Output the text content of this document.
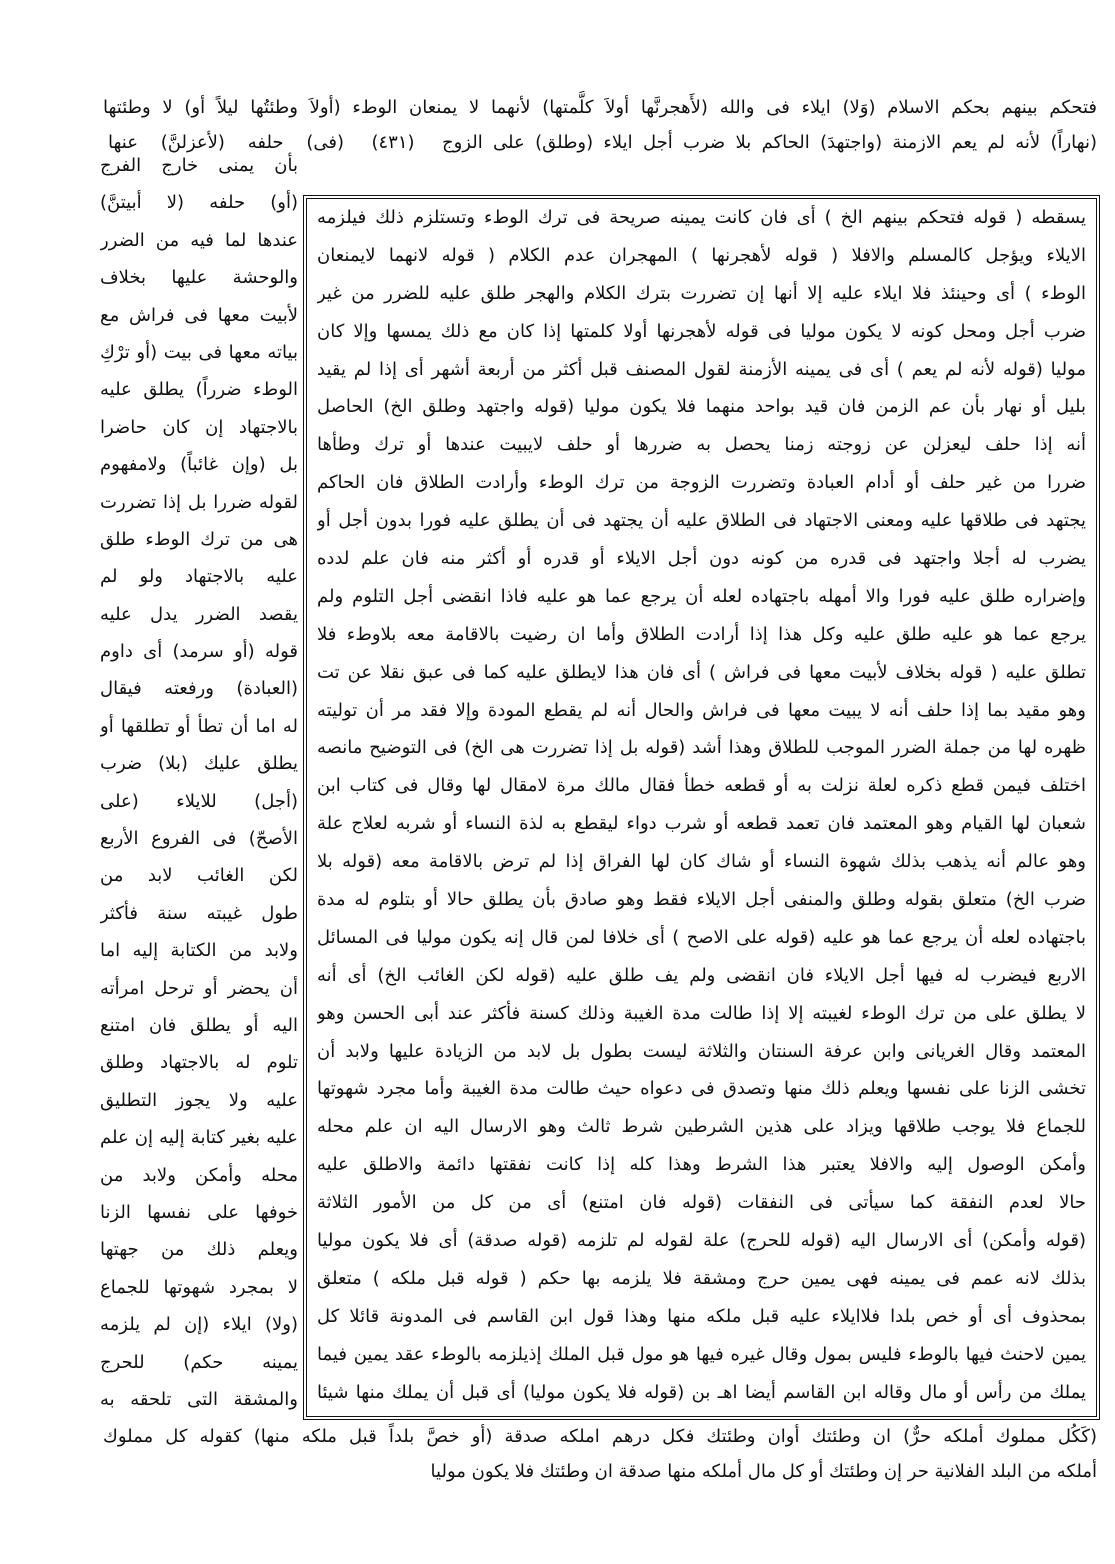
فتحكم بينهم بحكم الاسلام (وَلا) ايلاء فى والله (لأَهجرنَّها أولاَ كلَّمتها) لأنهما لا يمنعان الوطء (أولاَ وطئتُها ليلاً أو) لا وطئتها
(نهاراً) لأنه لم يعم الازمنة (واجتهدَ) الحاكم بلا ضرب أجل ايلاء (وطلق) على الزوج
(٤٣١)
(فى) حلفه (لأعزلنَّ) عنها
بأن يمنى خارج الفرج
(أو) حلفه (لا أبيتنَّ)
عندها لما فيه من الضرر
والوحشة عليها بخلاف
لأبيت معها فى فراش مع
بياته معها فى بيت (أو ترْكِ
الوطء ضرراً) يطلق عليه
بالاجتهاد إن كان حاضرا
بل (وإن غائباً) ولامفهوم
لقوله ضررا بل إذا تضررت
هى من ترك الوطء طلق
عليه بالاجتهاد ولو لم
يقصد الضرر يدل عليه
قوله (أو سرمد) أى داوم
(العبادة) ورفعته فيقال
له اما أن تطأ أو تطلقها أو
يطلق عليك (بلا) ضرب
(أجل) للايلاء (على
الأصحّ) فى الفروع الأربع
لكن الغائب لابد من
طول غيبته سنة فأكثر
ولابد من الكتابة إليه اما
أن يحضر أو ترحل امرأته
اليه أو يطلق فان امتنع
تلوم له بالاجتهاد وطلق
عليه ولا يجوز التطليق
عليه بغير كتابة إليه إن علم
محله وأمكن ولابد من
خوفها على نفسها الزنا
ويعلم ذلك من جهتها
لا بمجرد شهوتها للجماع
(ولا) ايلاء (إن لم يلزمه
يمينه حكم) للحرج
والمشقة التى تلحقه به
يسقطه ( قوله فتحكم بينهم الخ ) أى فان كانت يمينه صريحة فى ترك الوطء وتستلزم ذلك فيلزمه
الايلاء ويؤجل كالمسلم والافلا ( قوله لأهجرنها ) المهجران عدم الكلام ( قوله لانهما لايمنعان
الوطء ) أى وحينئذ فلا ايلاء عليه إلا أنها إن تضررت بترك الكلام والهجر طلق عليه للضرر من غير
ضرب أجل ومحل كونه لا يكون موليا فى قوله لأهجرنها أولا كلمتها إذا كان مع ذلك يمسها وإلا كان
موليا (قوله لأنه لم يعم ) أى فى يمينه الأزمنة لقول المصنف قبل أكثر من أربعة أشهر أى إذا لم يقيد
بليل أو نهار بأن عم الزمن فان قيد بواحد منهما فلا يكون موليا (قوله واجتهد وطلق الخ) الحاصل
أنه إذا حلف ليعزلن عن زوجته زمنا يحصل به ضررها أو حلف لايبيت عندها أو ترك وطأها
ضررا من غير حلف أو أدام العبادة وتضررت الزوجة من ترك الوطء وأرادت الطلاق فان الحاكم
يجتهد فى طلاقها عليه ومعنى الاجتهاد فى الطلاق عليه أن يجتهد فى أن يطلق عليه فورا بدون أجل أو
يضرب له أجلا واجتهد فى قدره من كونه دون أجل الايلاء أو قدره أو أكثر منه فان علم لدده
وإضراره طلق عليه فورا والا أمهله باجتهاده لعله أن يرجع عما هو عليه فاذا انقضى أجل التلوم ولم
يرجع عما هو عليه طلق عليه وكل هذا إذا أرادت الطلاق وأما ان رضيت بالاقامة معه بلاوطء فلا
تطلق عليه ( قوله بخلاف لأبيت معها فى فراش ) أى فان هذا لايطلق عليه كما فى عبق نقلا عن تت
وهو مقيد بما إذا حلف أنه لا يبيت معها فى فراش والحال أنه لم يقطع المودة وإلا فقد مر أن توليته
ظهره لها من جملة الضرر الموجب للطلاق وهذا أشد (قوله بل إذا تضررت هى الخ) فى التوضيح مانصه
اختلف فيمن قطع ذكره لعلة نزلت به أو قطعه خطأ فقال مالك مرة لامقال لها وقال فى كتاب ابن
شعبان لها القيام وهو المعتمد فان تعمد قطعه أو شرب دواء ليقطع به لذة النساء أو شربه لعلاج علة
وهو عالم أنه يذهب بذلك شهوة النساء أو شاك كان لها الفراق إذا لم ترض بالاقامة معه (قوله بلا
ضرب الخ) متعلق بقوله وطلق والمنفى أجل الايلاء فقط وهو صادق بأن يطلق حالا أو بتلوم له مدة
باجتهاده لعله أن يرجع عما هو عليه (قوله على الاصح ) أى خلافا لمن قال إنه يكون موليا فى المسائل
الاربع فيضرب له فيها أجل الايلاء فان انقضى ولم يف طلق عليه (قوله لكن الغائب الخ) أى أنه
لا يطلق على من ترك الوطء لغيبته إلا إذا طالت مدة الغيبة وذلك كسنة فأكثر عند أبى الحسن وهو
المعتمد وقال الغريانى وابن عرفة السنتان والثلاثة ليست بطول بل لابد من الزيادة عليها ولابد أن
تخشى الزنا على نفسها ويعلم ذلك منها وتصدق فى دعواه حيث طالت مدة الغيبة وأما مجرد شهوتها
للجماع فلا يوجب طلاقها ويزاد على هذين الشرطين شرط ثالث وهو الارسال اليه ان علم محله
وأمكن الوصول إليه والافلا يعتبر هذا الشرط وهذا كله إذا كانت نفقتها دائمة والاطلق عليه
حالا لعدم النفقة كما سيأتى فى النفقات (قوله فان امتنع) أى من كل من الأمور الثلاثة
(قوله وأمكن) أى الارسال اليه (قوله للحرج) علة لقوله لم تلزمه (قوله صدقة) أى فلا يكون موليا
بذلك لانه عمم فى يمينه فهى يمين حرج ومشقة فلا يلزمه بها حكم ( قوله قبل ملكه ) متعلق
بمحذوف أى أو خص بلدا فلاايلاء عليه قبل ملكه منها وهذا قول ابن القاسم فى المدونة قائلا كل
يمين لاحنث فيها بالوطء فليس بمول وقال غيره فيها هو مول قبل الملك إذيلزمه بالوطء عقد يمين فيما
يملك من رأس أو مال وقاله ابن القاسم أيضا اهـ بن (قوله فلا يكون موليا) أى قبل أن يملك منها شيئا
(كَكُل مملوك أملكه حرٌّ) ان وطئتك أوان وطئتك فكل درهم املكه صدقة (أو خصَّ بلداً قبل ملكه منها) كقوله كل مملوك
أملكه من البلد الفلانية حر إن وطئتك أو كل مال أملكه منها صدقة ان وطئتك فلا يكون موليا
